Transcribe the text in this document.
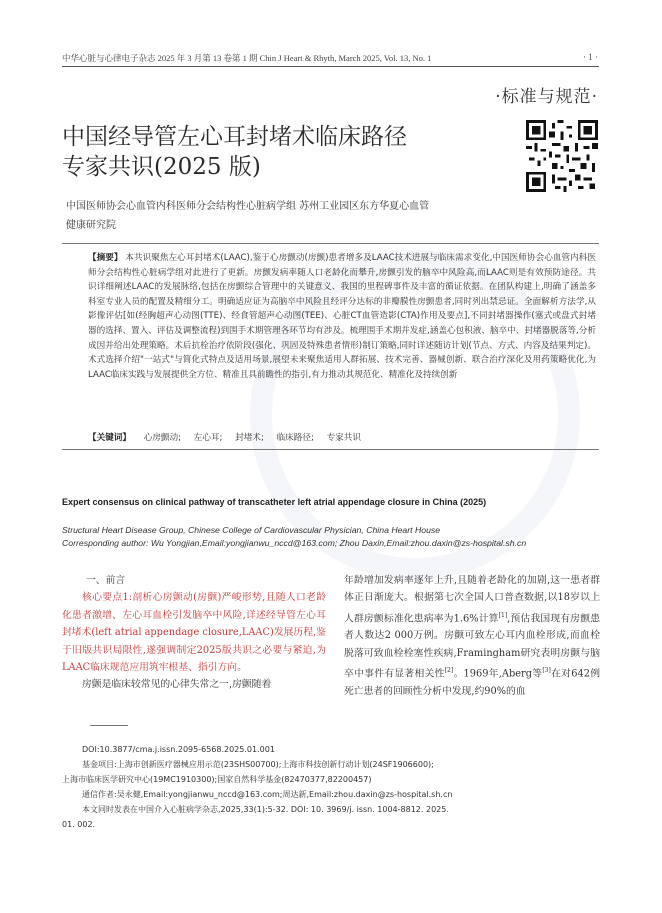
中华心脏与心律电子杂志 2025 年 3 月第 13 卷第 1 期 Chin J Heart & Rhyth, March 2025, Vol. 13, No. 1	· 1 ·
·标准与规范·
中国经导管左心耳封堵术临床路径
专家共识(2025 版)
中国医师协会心血管内科医师分会结构性心脏病学组 苏州工业园区东方华夏心血管
健康研究院
【摘要】 本共识聚焦左心耳封堵术(LAAC),鉴于心房颤动(房颤)患者增多及LAAC技术进展与临床需求变化,中国医师协会心血管内科医师分会结构性心脏病学组对此进行了更新。房颤发病率随人口老龄化而攀升,房颤引发的脑卒中风险高,而LAAC则是有效预防途径。共识详细阐述LAAC的发展脉络,包括在房颤综合管理中的关键意义、我国的里程碑事件及丰富的循证依据。在团队构建上,明确了涵盖多科室专业人员的配置及精细分工。明确适应证为高脑卒中风险且经评分达标的非瓣膜性房颤患者,同时列出禁忌证。全面解析方法学,从影像评估[如(经胸超声心动图(TTE)、经食管超声心动图(TEE)、心脏CT血管造影(CTA)作用及要点],不同封堵器操作(塞式或盘式封堵器的选择、置入、评估及调整流程)到围手术期管理各环节均有涉及。梳理围手术期并发症,涵盖心包积液、脑卒中、封堵器脱落等,分析成因并给出处理策略。术后抗栓治疗依阶段(强化、巩固及特殊患者情形)制订策略,同时详述随访计划(节点、方式、内容及结果判定)。术式选择介绍"一站式"与简化式特点及适用场景,展望未来聚焦适用人群拓展、技术完善、器械创新、联合治疗深化及用药策略优化,为LAAC临床实践与发展提供全方位、精准且具前瞻性的指引,有力推动其规范化、精准化及持续创新
【关键词】 心房颤动; 左心耳; 封堵术; 临床路径; 专家共识
Expert consensus on clinical pathway of transcatheter left atrial appendage closure in China (2025)
Structural Heart Disease Group, Chinese College of Cardiovascular Physician, China Heart House
Corresponding author: Wu Yongjian,Email:yongjianwu_nccd@163.com; Zhou Daxin,Email:zhou.daxin@zs-hospital.sh.cn
一、前言
核心要点1:剖析心房颤动(房颤)严峻形势,且随人口老龄化患者激增、左心耳血栓引发脑卒中风险,详述经导管左心耳封堵术(left atrial appendage closure,LAAC)发展历程,鉴于旧版共识局限性,遂强调制定2025版共识之必要与紧迫,为LAAC临床规范应用筑牢根基、指引方向。
房颤是临床较常见的心律失常之一,房颤随着
年龄增加发病率逐年上升,且随着老龄化的加剧,这一患者群体正日渐庞大。根据第七次全国人口普查数据,以18岁以上人群房颤标准化患病率为1.6%计算[1],预估我国现有房颤患者人数达2 000万例。房颤可致左心耳内血栓形成,而血栓脱落可致血栓栓塞性疾病,Framingham研究表明房颤与脑卒中事件有显著相关性[2]。1969年,Aberg等[3]在对642例死亡患者的回顾性分析中发现,约90%的血
DOI:10.3877/cma.j.issn.2095-6568.2025.01.001
基金项目:上海市创新医疗器械应用示范(23SHS00700);上海市科技创新行动计划(24SF1906600);
上海市临床医学研究中心(19MC1910300);国家自然科学基金(82470377,82200457)
通信作者:吴永健,Email:yongjianwu_nccd@163.com;周达新,Email:zhou.daxin@zs-hospital.sh.cn
本文同时发表在中国介入心脏病学杂志,2025,33(1):5-32. DOI: 10. 3969/j. issn. 1004-8812. 2025.
01. 002.
